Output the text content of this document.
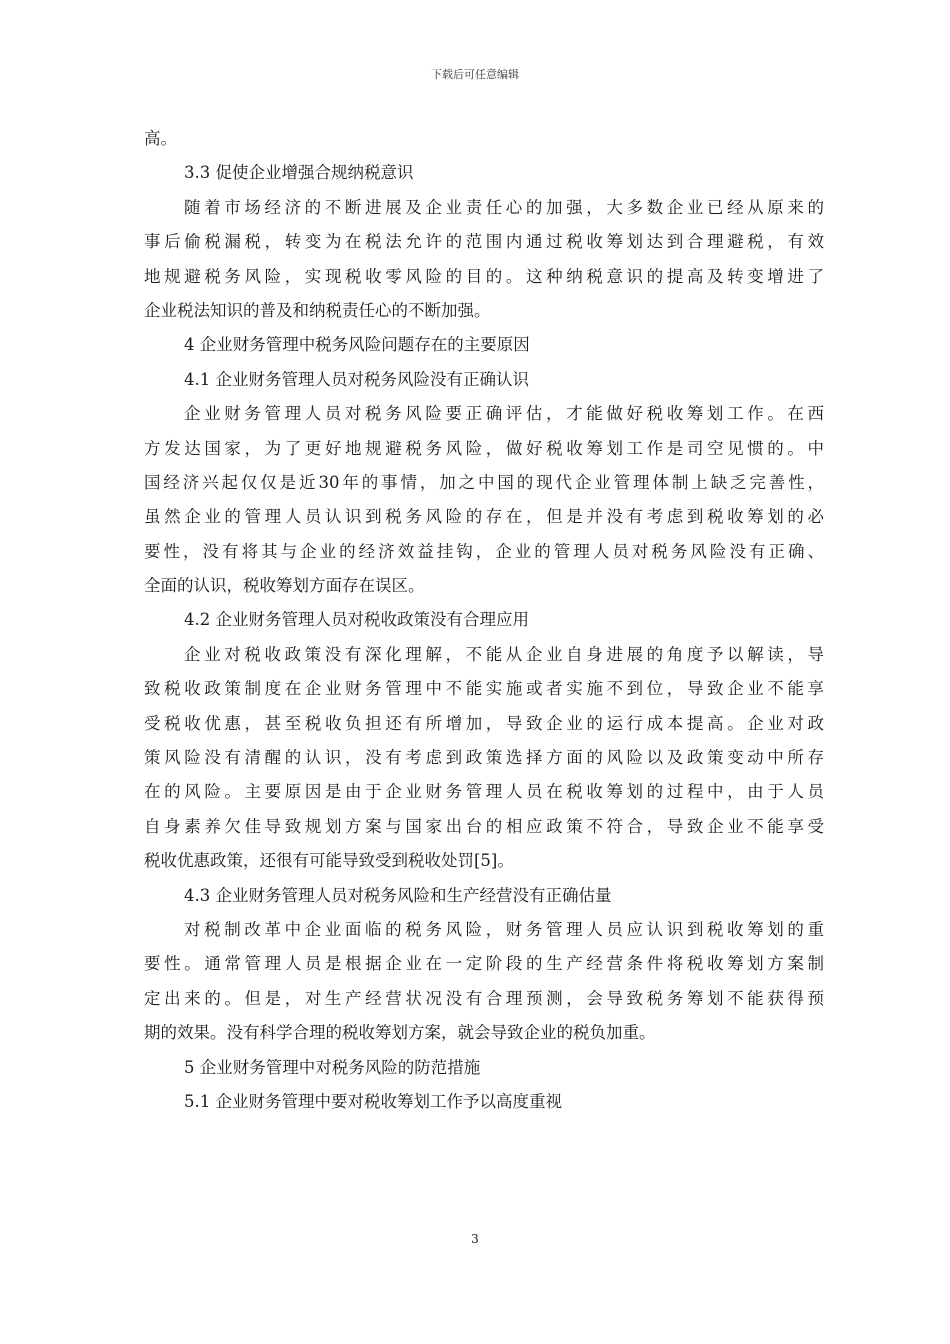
下载后可任意编辑
高。
3.3 促使企业增强合规纳税意识
随着市场经济的不断进展及企业责任心的加强，大多数企业已经从原来的
事后偷税漏税，转变为在税法允许的范围内通过税收筹划达到合理避税，有效
地规避税务风险，实现税收零风险的目的。这种纳税意识的提高及转变增进了
企业税法知识的普及和纳税责任心的不断加强。
4 企业财务管理中税务风险问题存在的主要原因
4.1 企业财务管理人员对税务风险没有正确认识
企业财务管理人员对税务风险要正确评估，才能做好税收筹划工作。在西
方发达国家，为了更好地规避税务风险，做好税收筹划工作是司空见惯的。中
国经济兴起仅仅是近30年的事情，加之中国的现代企业管理体制上缺乏完善性，
虽然企业的管理人员认识到税务风险的存在，但是并没有考虑到税收筹划的必
要性，没有将其与企业的经济效益挂钩，企业的管理人员对税务风险没有正确、
全面的认识，税收筹划方面存在误区。
4.2 企业财务管理人员对税收政策没有合理应用
企业对税收政策没有深化理解，不能从企业自身进展的角度予以解读，导
致税收政策制度在企业财务管理中不能实施或者实施不到位，导致企业不能享
受税收优惠，甚至税收负担还有所增加，导致企业的运行成本提高。企业对政
策风险没有清醒的认识，没有考虑到政策选择方面的风险以及政策变动中所存
在的风险。主要原因是由于企业财务管理人员在税收筹划的过程中，由于人员
自身素养欠佳导致规划方案与国家出台的相应政策不符合，导致企业不能享受
税收优惠政策，还很有可能导致受到税收处罚[5]。
4.3 企业财务管理人员对税务风险和生产经营没有正确估量
对税制改革中企业面临的税务风险，财务管理人员应认识到税收筹划的重
要性。通常管理人员是根据企业在一定阶段的生产经营条件将税收筹划方案制
定出来的。但是，对生产经营状况没有合理预测，会导致税务筹划不能获得预
期的效果。没有科学合理的税收筹划方案，就会导致企业的税负加重。
5 企业财务管理中对税务风险的防范措施
5.1 企业财务管理中要对税收筹划工作予以高度重视
3
